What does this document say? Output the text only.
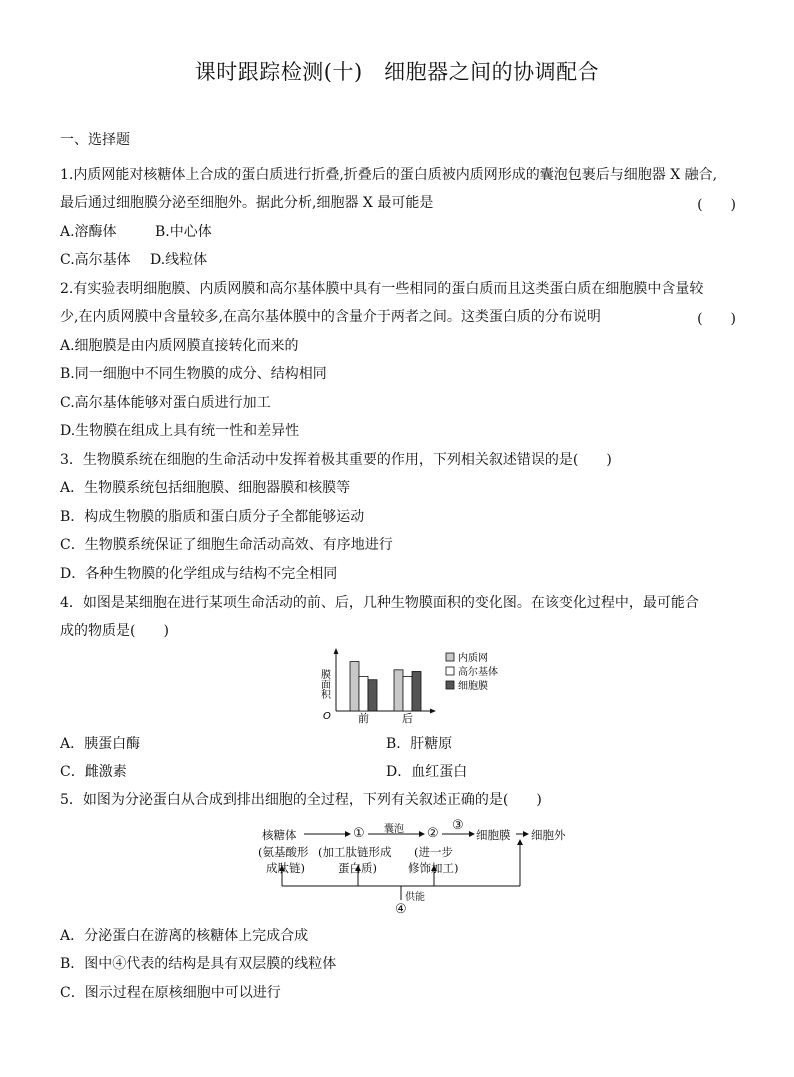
课时跟踪检测(十)　细胞器之间的协调配合
一、选择题
1.内质网能对核糖体上合成的蛋白质进行折叠,折叠后的蛋白质被内质网形成的囊泡包裹后与细胞器 X 融合,
最后通过细胞膜分泌至细胞外。据此分析,细胞器 X 最可能是	(　　)
A.溶酶体	B.中心体
C.高尔基体 D.线粒体
2.有实验表明细胞膜、内质网膜和高尔基体膜中具有一些相同的蛋白质而且这类蛋白质在细胞膜中含量较
少,在内质网膜中含量较多,在高尔基体膜中的含量介于两者之间。这类蛋白质的分布说明	(　　)
A.细胞膜是由内质网膜直接转化而来的
B.同一细胞中不同生物膜的成分、结构相同
C.高尔基体能够对蛋白质进行加工
D.生物膜在组成上具有统一性和差异性
3．生物膜系统在细胞的生命活动中发挥着极其重要的作用，下列相关叙述错误的是(　　)
A．生物膜系统包括细胞膜、细胞器膜和核膜等
B．构成生物膜的脂质和蛋白质分子全都能够运动
C．生物膜系统保证了细胞生命活动高效、有序地进行
D．各种生物膜的化学组成与结构不完全相同
4．如图是某细胞在进行某项生命活动的前、后，几种生物膜面积的变化图。在该变化过程中，最可能合
成的物质是(　　)
膜面积
O 前	后
内质网
高尔基体
细胞膜
A．胰蛋白酶	B．肝糖原
C．雌激素	D．血红蛋白
5．如图为分泌蛋白从合成到排出细胞的全过程，下列有关叙述正确的是(　　)
核糖体	① 囊泡 ②
③
细胞膜 细胞外
(氨基酸形
成肽链)
(加工肽链形成
蛋白质)
(进一步
修饰加工)
供能
④
A．分泌蛋白在游离的核糖体上完成合成
B．图中④代表的结构是具有双层膜的线粒体
C．图示过程在原核细胞中可以进行
